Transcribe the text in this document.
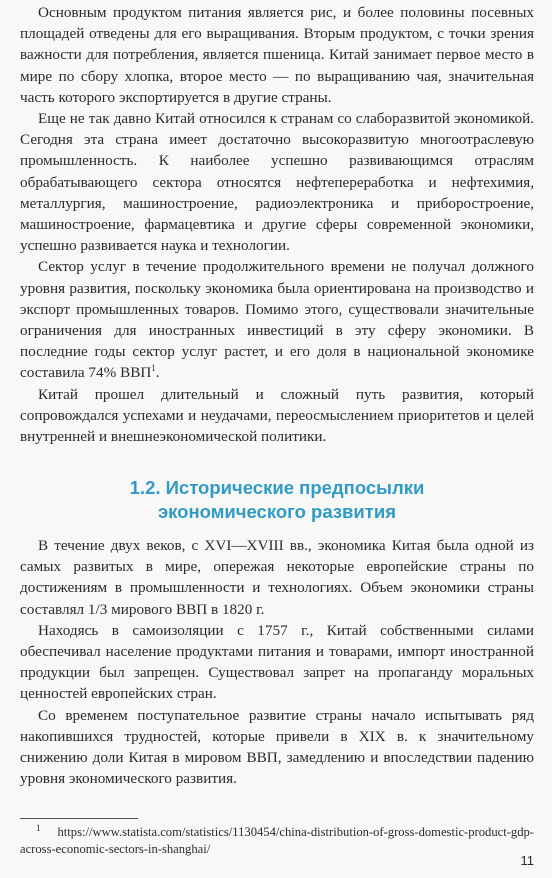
Основным продуктом питания является рис, и более половины посевных площадей отведены для его выращивания. Вторым продуктом, с точки зрения важности для потребления, является пшеница. Китай занимает первое место в мире по сбору хлопка, второе место — по выращиванию чая, значительная часть которого экспортируется в другие страны.

Еще не так давно Китай относился к странам со слаборазвитой экономикой. Сегодня эта страна имеет достаточно высокоразвитую многоотраслевую промышленность. К наиболее успешно развивающимся отраслям обрабатывающего сектора относятся нефтепереработка и нефтехимия, металлургия, машиностроение, радиоэлектроника и приборостроение, машиностроение, фармацевтика и другие сферы современной экономики, успешно развивается наука и технологии.

Сектор услуг в течение продолжительного времени не получал должного уровня развития, поскольку экономика была ориентирована на производство и экспорт промышленных товаров. Помимо этого, существовали значительные ограничения для иностранных инвестиций в эту сферу экономики. В последние годы сектор услуг растет, и его доля в национальной экономике составила 74% ВВП$^1$.

Китай прошел длительный и сложный путь развития, который сопровождался успехами и неудачами, переосмыслением приоритетов и целей внутренней и внешнеэкономической политики.

1.2. Исторические предпосылки
экономического развития

В течение двух веков, с XVI—XVIII вв., экономика Китая была одной из самых развитых в мире, опережая некоторые европейские страны по достижениям в промышленности и технологиях. Объем экономики страны составлял 1/3 мирового ВВП в 1820 г.

Находясь в самоизоляции с 1757 г., Китай собственными силами обеспечивал население продуктами питания и товарами, импорт иностранной продукции был запрещен. Существовал запрет на пропаганду моральных ценностей европейских стран.

Со временем поступательное развитие страны начало испытывать ряд накопившихся трудностей, которые привели в XIX в. к значительному снижению доли Китая в мировом ВВП, замедлению и впоследствии падению уровня экономического развития.

$^1$ https://www.statista.com/statistics/1130454/china-distribution-of-gross-domestic-product-gdp-across-economic-sectors-in-shanghai/

11
